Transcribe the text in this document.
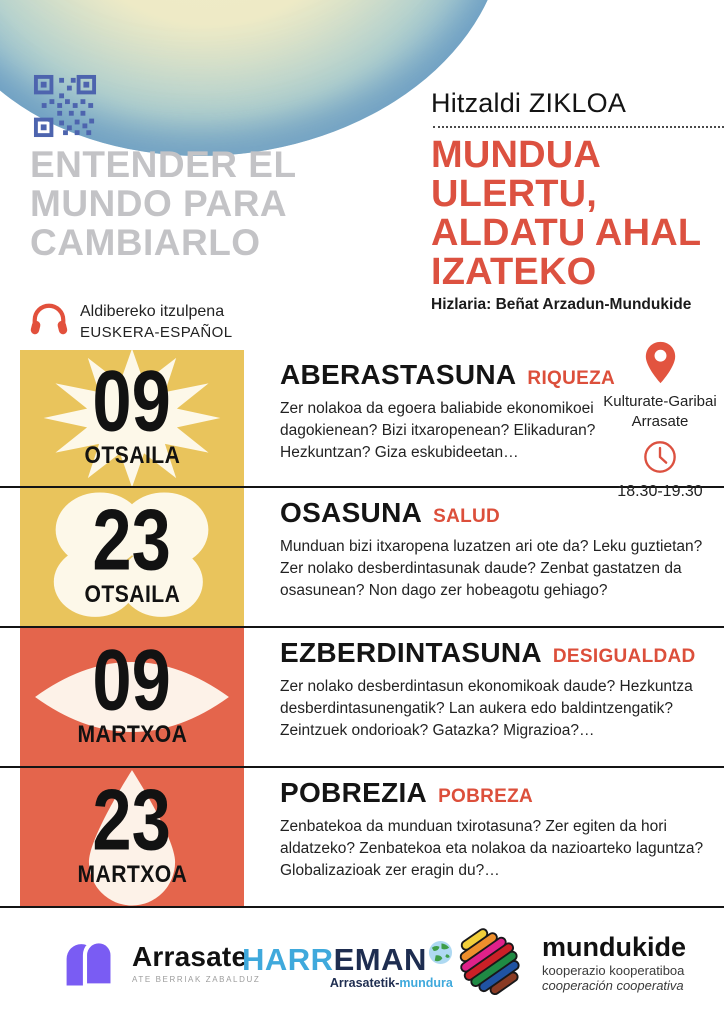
ENTENDER EL
MUNDO PARA
CAMBIARLO
Hitzaldi ZIKLOA
MUNDUA
ULERTU,
ALDATU AHAL
IZATEKO
Hizlaria: Beñat Arzadun-Mundukide
Aldibereko itzulpena
EUSKERA-ESPAÑOL
09
OTSAILA
ABERASTASUNA RIQUEZA
Zer nolakoa da egoera baliabide ekonomikoei dagokienean? Bizi itxaropenean? Elikaduran? Hezkuntzan? Giza eskubideetan…
23
OTSAILA
OSASUNA SALUD
Munduan bizi itxaropena luzatzen ari ote da? Leku guztietan? Zer nolako desberdintasunak daude? Zenbat gastatzen da osasunean? Non dago zer hobeagotu gehiago?
09
MARTXOA
EZBERDINTASUNA DESIGUALDAD
Zer nolako desberdintasun ekonomikoak daude? Hezkuntza desberdintasunengatik? Lan aukera edo baldintzengatik? Zeintzuek ondorioak? Gatazka? Migrazioa?…
23
MARTXOA
POBREZIA POBREZA
Zenbatekoa da munduan txirotasuna? Zer egiten da hori aldatzeko? Zenbatekoa eta nolakoa da nazioarteko laguntza? Globalizazioak zer eragin du?…
Kulturate-Garibai
Arrasate
18.30-19.30
Arrasate
ATE BERRIAK ZABALDUZ
HARR EMAN
Arrasatetik-mundura
mundukide
kooperazio kooperatiboa
cooperación cooperativa
